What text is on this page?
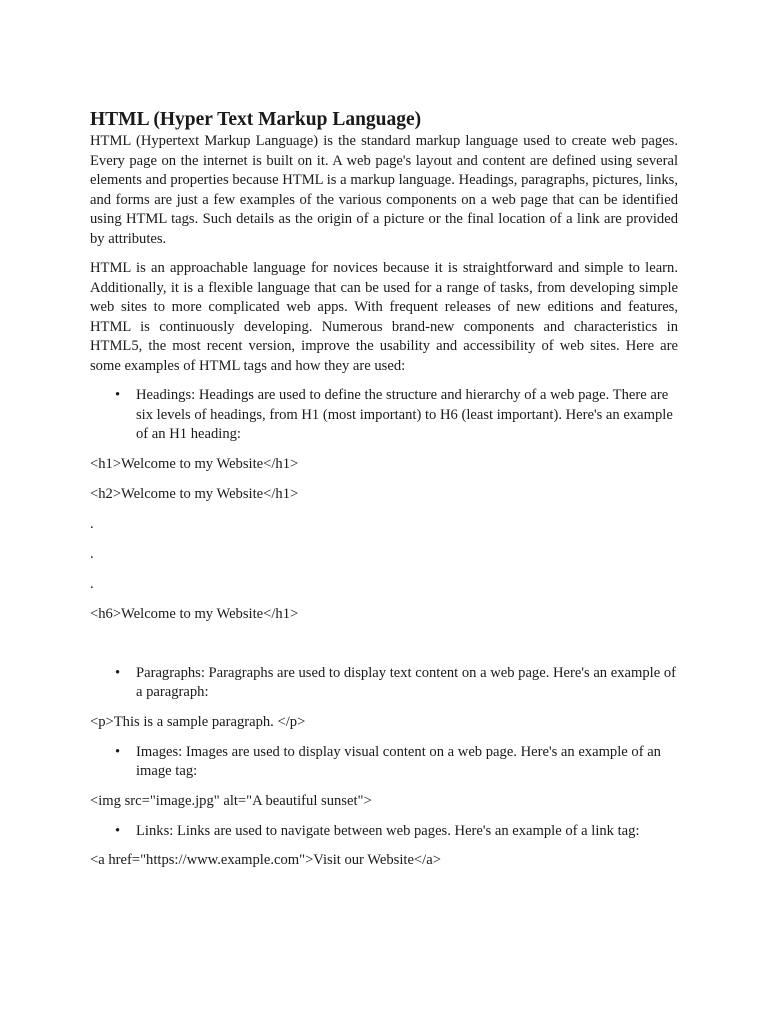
HTML (Hyper Text Markup Language)

HTML (Hypertext Markup Language) is the standard markup language used to create web pages. Every page on the internet is built on it. A web page's layout and content are defined using several elements and properties because HTML is a markup language. Headings, paragraphs, pictures, links, and forms are just a few examples of the various components on a web page that can be identified using HTML tags. Such details as the origin of a picture or the final location of a link are provided by attributes.

HTML is an approachable language for novices because it is straightforward and simple to learn. Additionally, it is a flexible language that can be used for a range of tasks, from developing simple web sites to more complicated web apps. With frequent releases of new editions and features, HTML is continuously developing. Numerous brand-new components and characteristics in HTML5, the most recent version, improve the usability and accessibility of web sites. Here are some examples of HTML tags and how they are used:

• Headings: Headings are used to define the structure and hierarchy of a web page. There are six levels of headings, from H1 (most important) to H6 (least important). Here's an example of an H1 heading:
<h1>Welcome to my Website</h1>
<h2>Welcome to my Website</h1>
.
.
.
<h6>Welcome to my Website</h1>
• Paragraphs: Paragraphs are used to display text content on a web page. Here's an example of a paragraph:
<p>This is a sample paragraph. </p>
• Images: Images are used to display visual content on a web page. Here's an example of an image tag:
<img src="image.jpg" alt="A beautiful sunset">
• Links: Links are used to navigate between web pages. Here's an example of a link tag:
<a href="https://www.example.com">Visit our Website</a>
